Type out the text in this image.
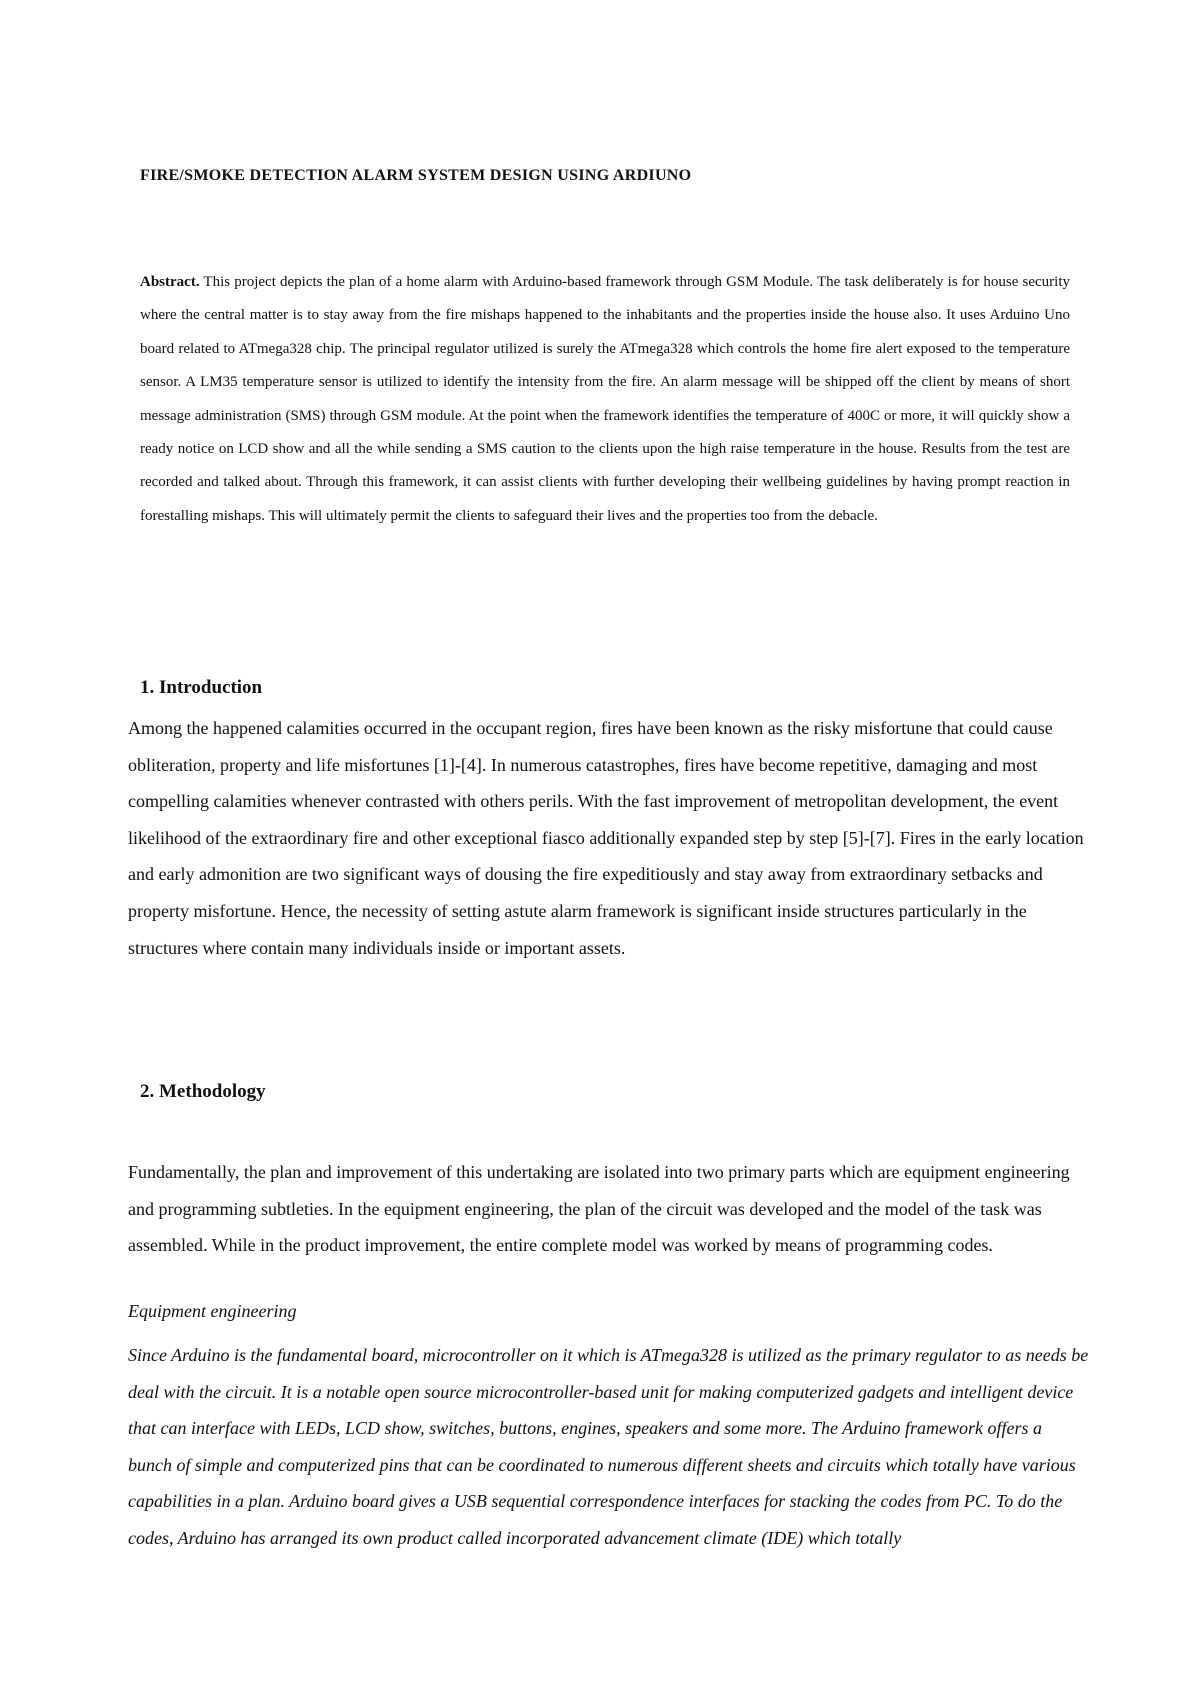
FIRE/SMOKE DETECTION ALARM SYSTEM DESIGN USING ARDIUNO

Abstract. This project depicts the plan of a home alarm with Arduino-based framework through GSM Module. The task deliberately is for house security where the central matter is to stay away from the fire mishaps happened to the inhabitants and the properties inside the house also. It uses Arduino Uno board related to ATmega328 chip. The principal regulator utilized is surely the ATmega328 which controls the home fire alert exposed to the temperature sensor. A LM35 temperature sensor is utilized to identify the intensity from the fire. An alarm message will be shipped off the client by means of short message administration (SMS) through GSM module. At the point when the framework identifies the temperature of 400C or more, it will quickly show a ready notice on LCD show and all the while sending a SMS caution to the clients upon the high raise temperature in the house. Results from the test are recorded and talked about. Through this framework, it can assist clients with further developing their wellbeing guidelines by having prompt reaction in forestalling mishaps. This will ultimately permit the clients to safeguard their lives and the properties too from the debacle.

1. Introduction

Among the happened calamities occurred in the occupant region, fires have been known as the risky misfortune that could cause obliteration, property and life misfortunes [1]-[4]. In numerous catastrophes, fires have become repetitive, damaging and most compelling calamities whenever contrasted with others perils. With the fast improvement of metropolitan development, the event likelihood of the extraordinary fire and other exceptional fiasco additionally expanded step by step [5]-[7]. Fires in the early location and early admonition are two significant ways of dousing the fire expeditiously and stay away from extraordinary setbacks and property misfortune. Hence, the necessity of setting astute alarm framework is significant inside structures particularly in the structures where contain many individuals inside or important assets.

2. Methodology

Fundamentally, the plan and improvement of this undertaking are isolated into two primary parts which are equipment engineering and programming subtleties. In the equipment engineering, the plan of the circuit was developed and the model of the task was assembled. While in the product improvement, the entire complete model was worked by means of programming codes.

Equipment engineering

Since Arduino is the fundamental board, microcontroller on it which is ATmega328 is utilized as the primary regulator to as needs be deal with the circuit. It is a notable open source microcontroller-based unit for making computerized gadgets and intelligent device that can interface with LEDs, LCD show, switches, buttons, engines, speakers and some more. The Arduino framework offers a bunch of simple and computerized pins that can be coordinated to numerous different sheets and circuits which totally have various capabilities in a plan. Arduino board gives a USB sequential correspondence interfaces for stacking the codes from PC. To do the codes, Arduino has arranged its own product called incorporated advancement climate (IDE) which totally
